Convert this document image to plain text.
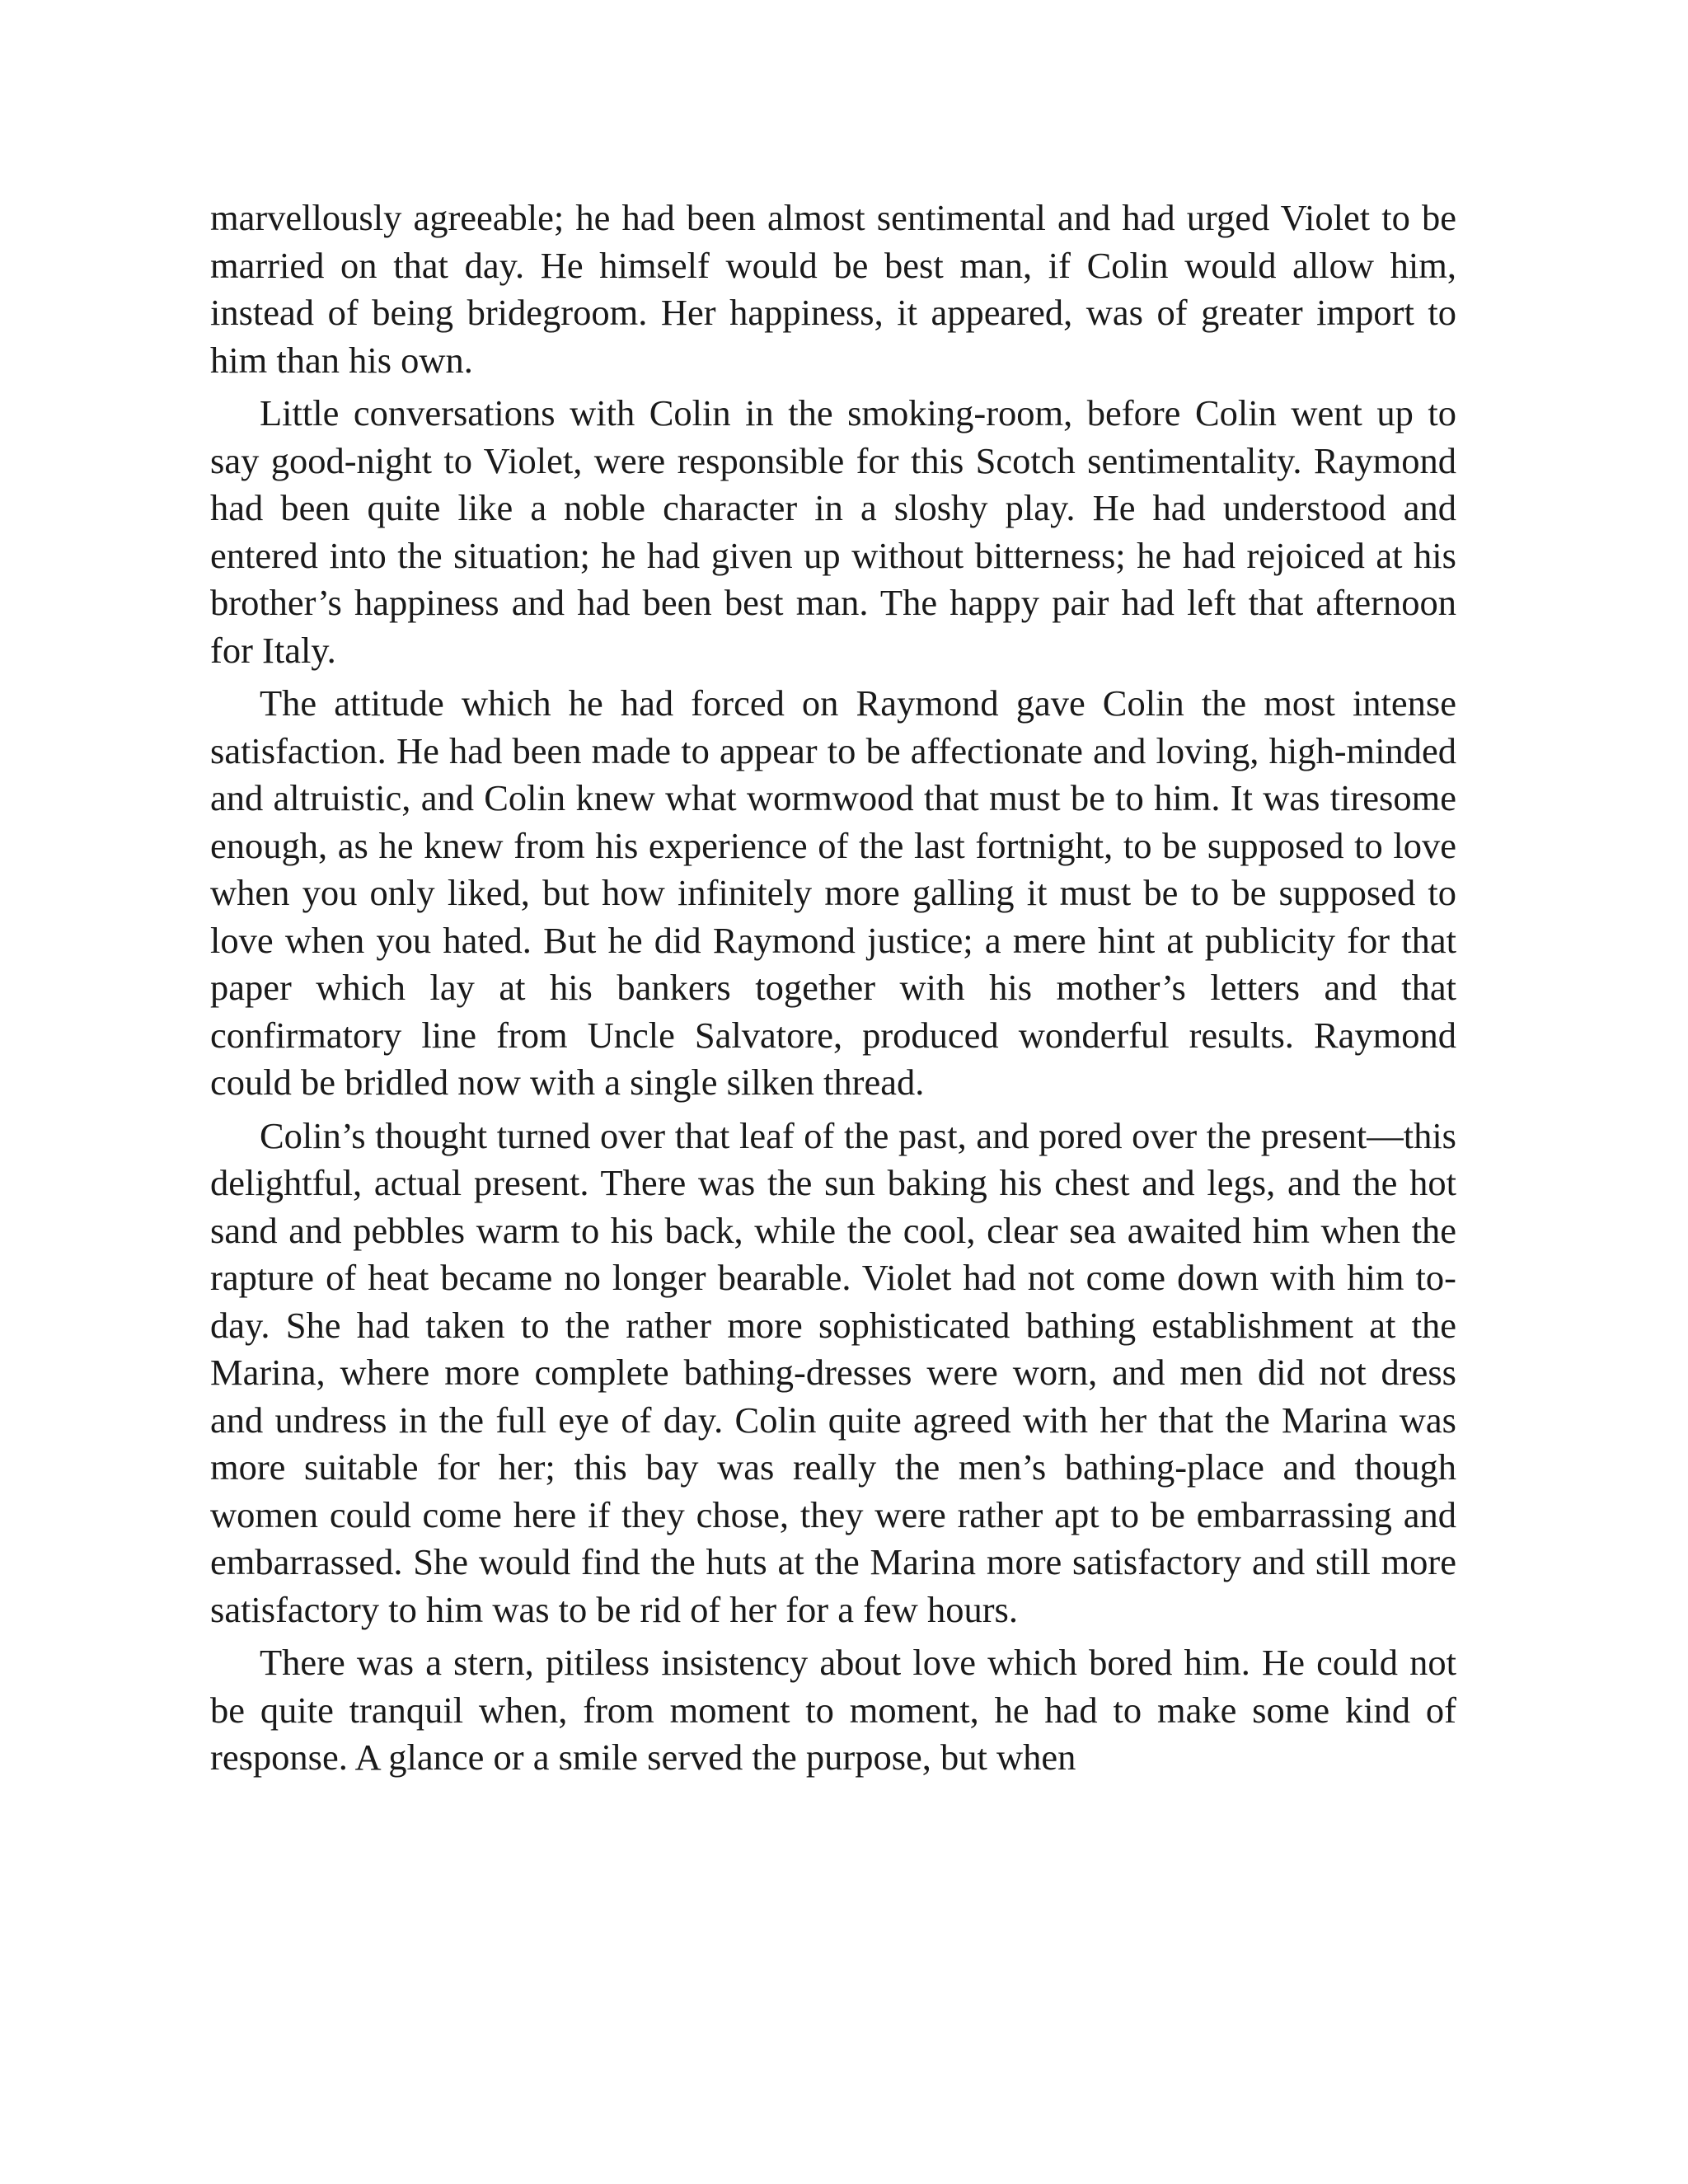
marvellously agreeable; he had been almost sentimental and had urged Violet to be married on that day. He himself would be best man, if Colin would allow him, instead of being bridegroom. Her happiness, it appeared, was of greater import to him than his own.

Little conversations with Colin in the smoking-room, before Colin went up to say good-night to Violet, were responsible for this Scotch sentimentality. Raymond had been quite like a noble character in a sloshy play. He had understood and entered into the situation; he had given up without bitterness; he had rejoiced at his brother’s happiness and had been best man. The happy pair had left that afternoon for Italy.

The attitude which he had forced on Raymond gave Colin the most intense satisfaction. He had been made to appear to be affectionate and loving, high-minded and altruistic, and Colin knew what wormwood that must be to him. It was tiresome enough, as he knew from his experience of the last fortnight, to be supposed to love when you only liked, but how infinitely more galling it must be to be supposed to love when you hated. But he did Raymond justice; a mere hint at publicity for that paper which lay at his bankers together with his mother’s letters and that confirmatory line from Uncle Salvatore, produced wonderful results. Raymond could be bridled now with a single silken thread.

Colin’s thought turned over that leaf of the past, and pored over the present—this delightful, actual present. There was the sun baking his chest and legs, and the hot sand and pebbles warm to his back, while the cool, clear sea awaited him when the rapture of heat became no longer bearable. Violet had not come down with him to-day. She had taken to the rather more sophisticated bathing establishment at the Marina, where more complete bathing-dresses were worn, and men did not dress and undress in the full eye of day. Colin quite agreed with her that the Marina was more suitable for her; this bay was really the men’s bathing-place and though women could come here if they chose, they were rather apt to be embarrassing and embarrassed. She would find the huts at the Marina more satisfactory and still more satisfactory to him was to be rid of her for a few hours.

There was a stern, pitiless insistency about love which bored him. He could not be quite tranquil when, from moment to moment, he had to make some kind of response. A glance or a smile served the purpose, but when
